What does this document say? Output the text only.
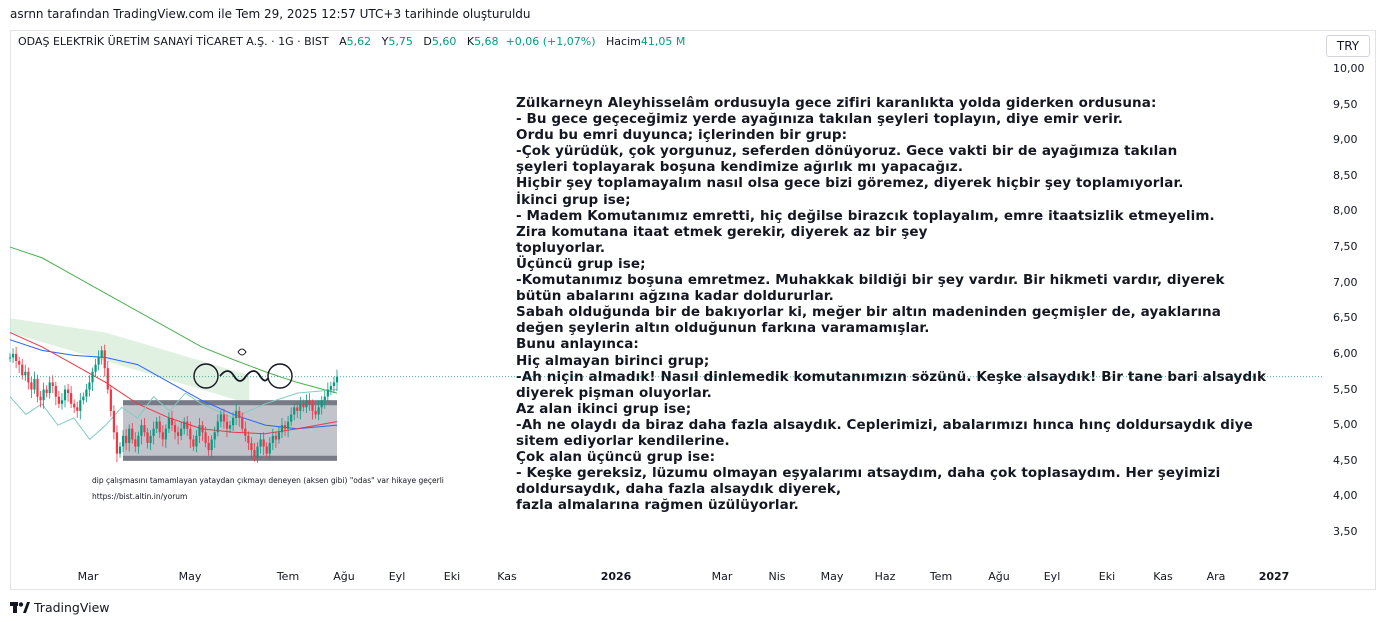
asrnn tarafından TradingView.com ile Tem 29, 2025 12:57 UTC+3 tarihinde oluşturuldu
ODAŞ ELEKTRİK ÜRETİM SANAYİ TİCARET A.Ş. · 1G · BIST A5,62 Y5,75 D5,60 K5,68 +0,06 (+1,07%) Hacim41,05 M	TRY
10,00
9,50
9,00
8,50
8,00
7,50
7,00
6,50
6,00
5,50
5,00
4,50
4,00
3,50
Mar	May	Tem	Ağu	Eyl	Eki	Kas	2026	Mar	Nis	May	Haz	Tem	Ağu	Eyl	Eki	Kas	Ara	2027
Zülkarneyn Aleyhisselâm ordusuyla gece zifiri karanlıkta yolda giderken ordusuna:
- Bu gece geçeceğimiz yerde ayağınıza takılan şeyleri toplayın, diye emir verir.
Ordu bu emri duyunca; içlerinden bir grup:
-Çok yürüdük, çok yorgunuz, seferden dönüyoruz. Gece vakti bir de ayağımıza takılan
şeyleri toplayarak boşuna kendimize ağırlık mı yapacağız.
Hiçbir şey toplamayalım nasıl olsa gece bizi göremez, diyerek hiçbir şey toplamıyorlar.
İkinci grup ise;
- Madem Komutanımız emretti, hiç değilse birazcık toplayalım, emre itaatsizlik etmeyelim.
Zira komutana itaat etmek gerekir, diyerek az bir şey
topluyorlar.
Üçüncü grup ise;
-Komutanımız boşuna emretmez. Muhakkak bildiği bir şey vardır. Bir hikmeti vardır, diyerek
bütün abalarını ağzına kadar doldururlar.
Sabah olduğunda bir de bakıyorlar ki, meğer bir altın madeninden geçmişler de, ayaklarına
değen şeylerin altın olduğunun farkına varamamışlar.
Bunu anlayınca:
Hiç almayan birinci grup;
-Ah niçin almadık! Nasıl dinlemedik komutanımızın sözünü. Keşke alsaydık! Bir tane bari alsaydık
diyerek pişman oluyorlar.
Az alan ikinci grup ise;
-Ah ne olaydı da biraz daha fazla alsaydık. Ceplerimizi, abalarımızı hınca hınç doldursaydık diye
sitem ediyorlar kendilerine.
Çok alan üçüncü grup ise:
- Keşke gereksiz, lüzumu olmayan eşyalarımı atsaydım, daha çok toplasaydım. Her şeyimizi
doldursaydık, daha fazla alsaydık diyerek,
fazla almalarına rağmen üzülüyorlar.
dip çalışmasını tamamlayan yataydan çıkmayı deneyen (aksen gibi) "odas" var hikaye geçerli
https://bist.altin.in/yorum
TradingView
